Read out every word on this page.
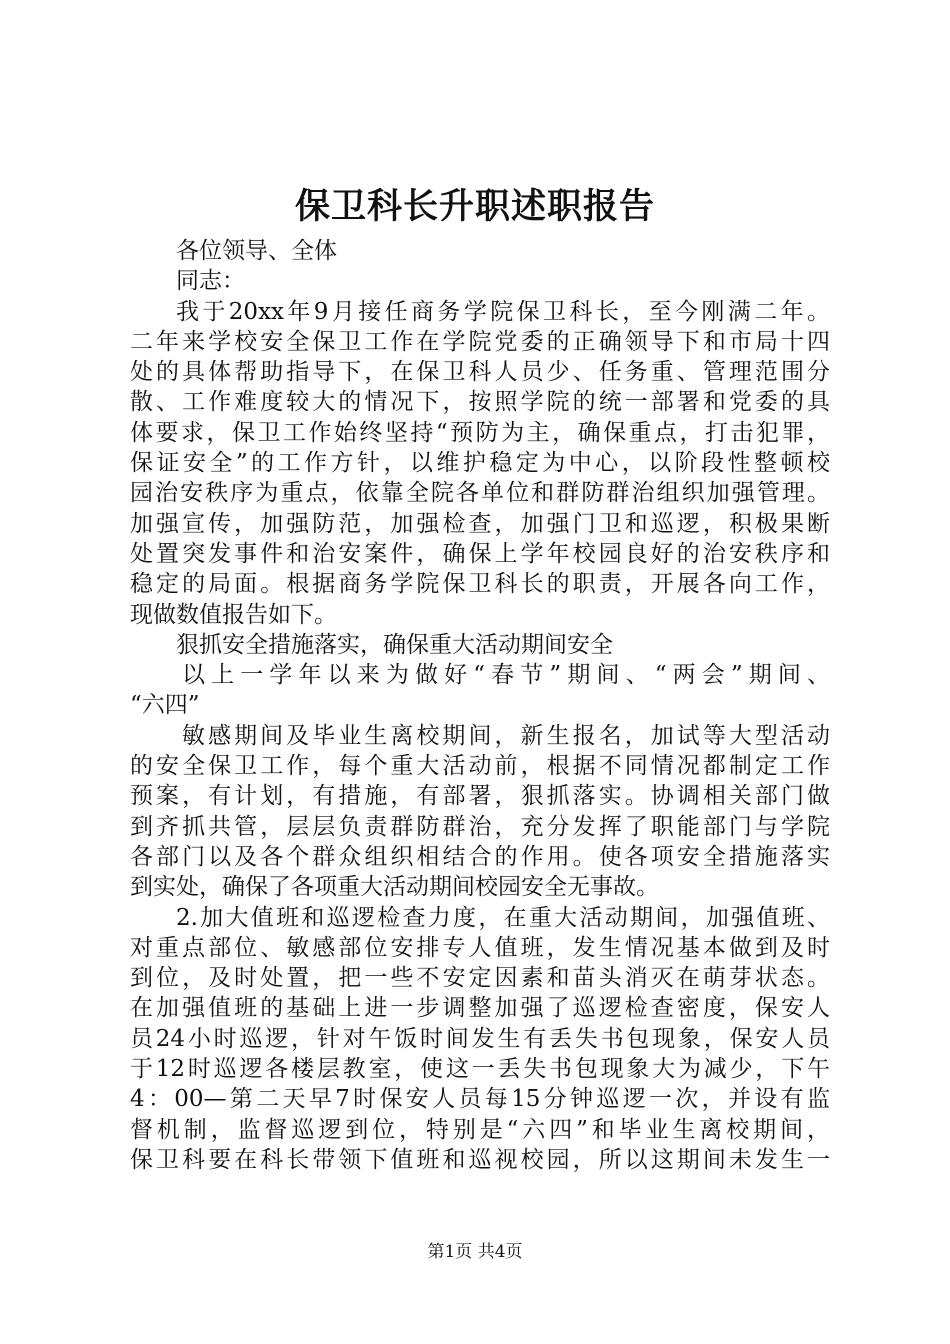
保卫科长升职述职报告
各位领导、全体
同志：
我于20xx年9月接任商务学院保卫科长，至今刚满二年。
二年来学校安全保卫工作在学院党委的正确领导下和市局十四
处的具体帮助指导下，在保卫科人员少、任务重、管理范围分
散、工作难度较大的情况下，按照学院的统一部署和党委的具
体要求，保卫工作始终坚持“预防为主，确保重点，打击犯罪，
保证安全”的工作方针，以维护稳定为中心，以阶段性整顿校
园治安秩序为重点，依靠全院各单位和群防群治组织加强管理。
加强宣传，加强防范，加强检查，加强门卫和巡逻，积极果断
处置突发事件和治安案件，确保上学年校园良好的治安秩序和
稳定的局面。根据商务学院保卫科长的职责，开展各向工作，
现做数值报告如下。
狠抓安全措施落实，确保重大活动期间安全
以上一学年以来为做好“春节”期间、“两会”期间、
“六四”
敏感期间及毕业生离校期间，新生报名，加试等大型活动
的安全保卫工作，每个重大活动前，根据不同情况都制定工作
预案，有计划，有措施，有部署，狠抓落实。协调相关部门做
到齐抓共管，层层负责群防群治，充分发挥了职能部门与学院
各部门以及各个群众组织相结合的作用。使各项安全措施落实
到实处，确保了各项重大活动期间校园安全无事故。
2.加大值班和巡逻检查力度，在重大活动期间，加强值班、
对重点部位、敏感部位安排专人值班，发生情况基本做到及时
到位，及时处置，把一些不安定因素和苗头消灭在萌芽状态。
在加强值班的基础上进一步调整加强了巡逻检查密度，保安人
员24小时巡逻，针对午饭时间发生有丢失书包现象，保安人员
于12时巡逻各楼层教室，使这一丢失书包现象大为减少，下午
4：00—第二天早7时保安人员每15分钟巡逻一次，并设有监
督机制，监督巡逻到位，特别是“六四”和毕业生离校期间，
保卫科要在科长带领下值班和巡视校园，所以这期间未发生一
第1页 共4页
